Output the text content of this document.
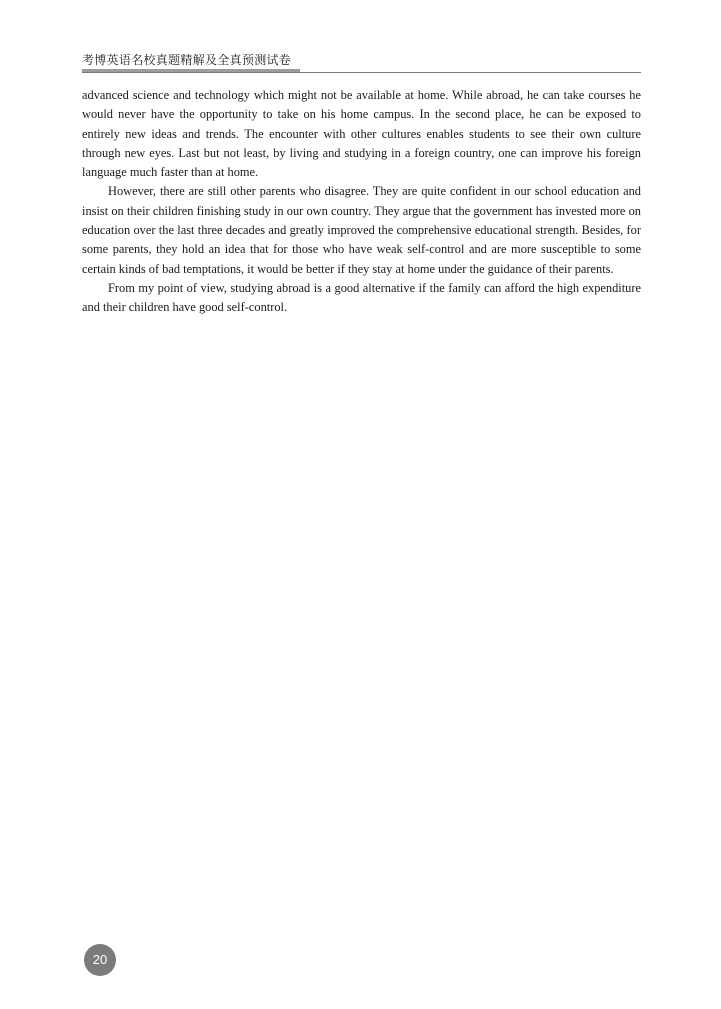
考博英语名校真题精解及全真预测试卷

advanced science and technology which might not be available at home. While abroad, he can take courses he would never have the opportunity to take on his home campus. In the second place, he can be exposed to entirely new ideas and trends. The encounter with other cultures enables students to see their own culture through new eyes. Last but not least, by living and studying in a foreign country, one can improve his foreign language much faster than at home.

However, there are still other parents who disagree. They are quite confident in our school education and insist on their children finishing study in our own country. They argue that the government has invested more on education over the last three decades and greatly improved the comprehensive educational strength. Besides, for some parents, they hold an idea that for those who have weak self-control and are more susceptible to some certain kinds of bad temptations, it would be better if they stay at home under the guidance of their parents.

From my point of view, studying abroad is a good alternative if the family can afford the high expenditure and their children have good self-control.

20
